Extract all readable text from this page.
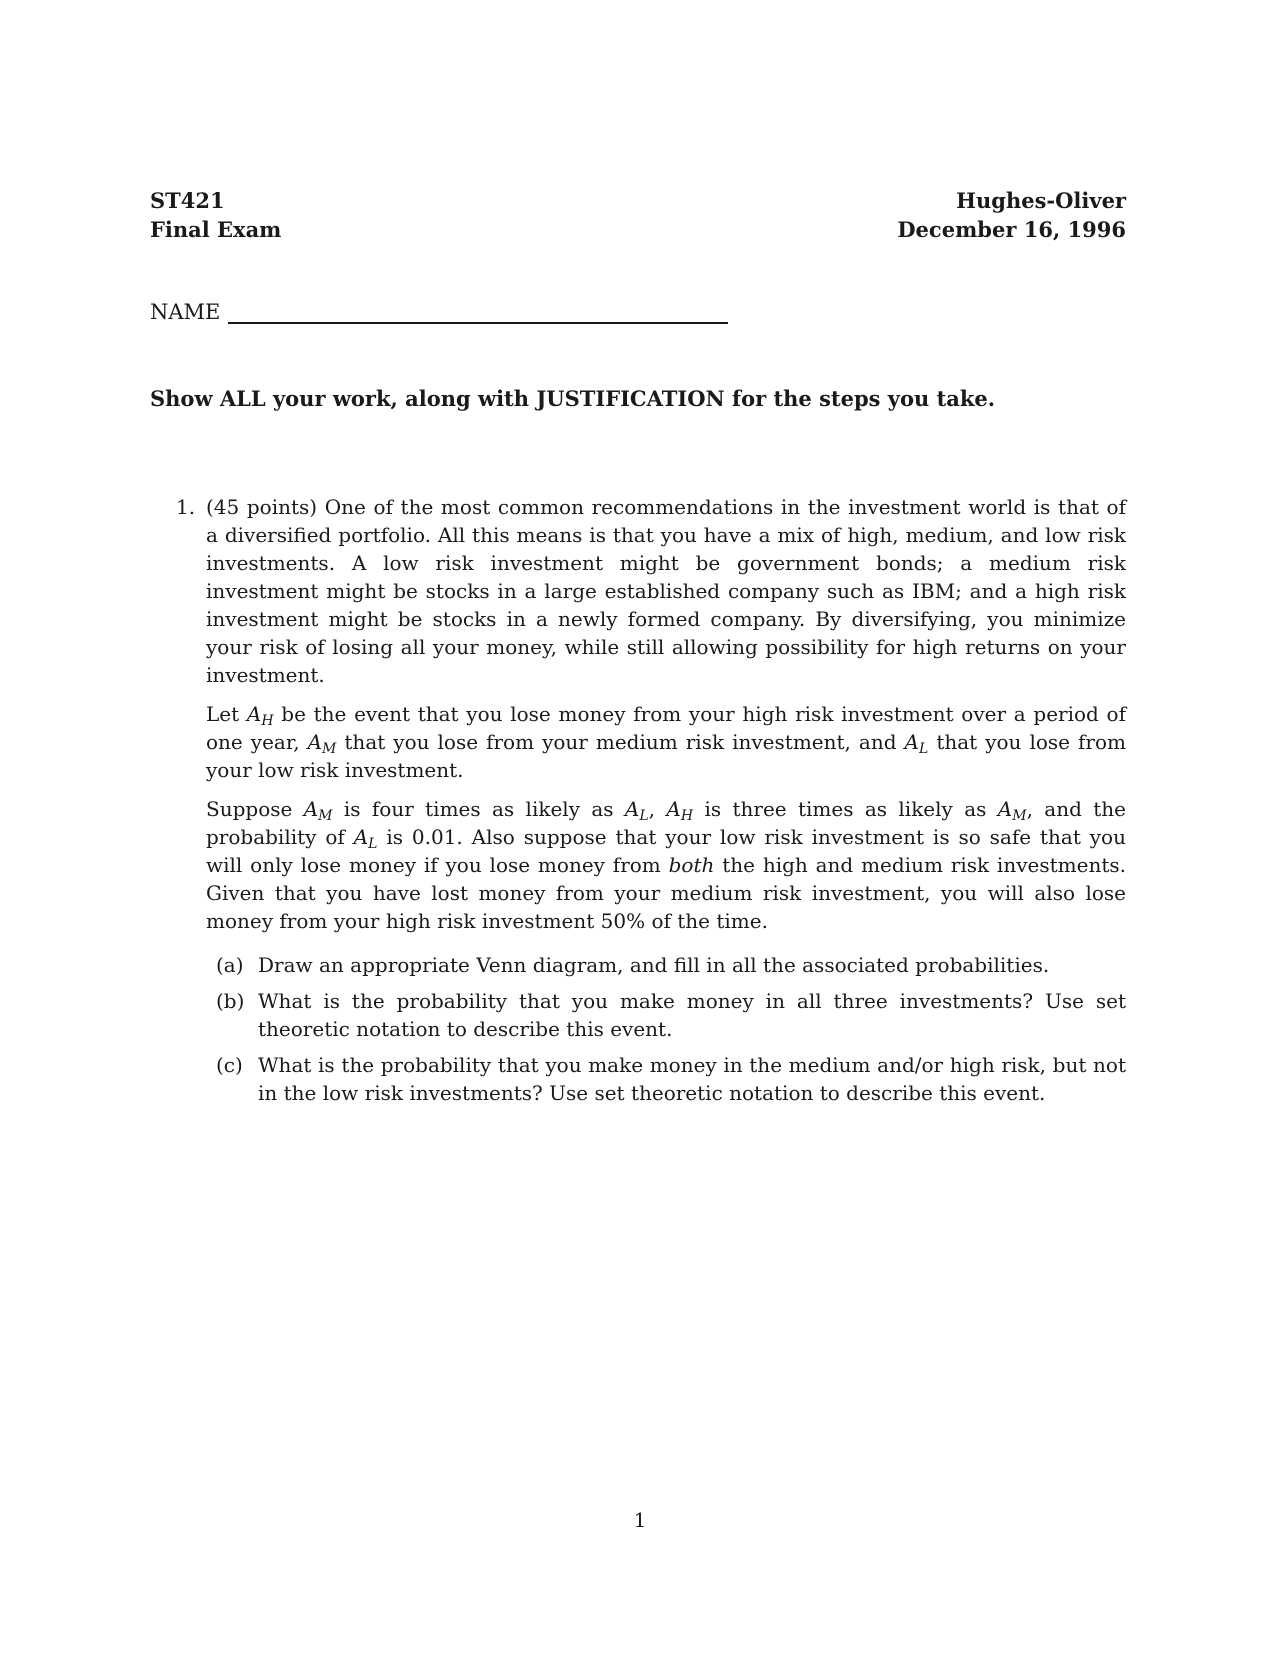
ST421
Final Exam
Hughes-Oliver
December 16, 1996
NAME
Show ALL your work, along with JUSTIFICATION for the steps you take.
1. (45 points) One of the most common recommendations in the investment world is that of a diversified portfolio. All this means is that you have a mix of high, medium, and low risk investments. A low risk investment might be government bonds; a medium risk investment might be stocks in a large established company such as IBM; and a high risk investment might be stocks in a newly formed company. By diversifying, you minimize your risk of losing all your money, while still allowing possibility for high returns on your investment.

Let $A_H$ be the event that you lose money from your high risk investment over a period of one year, $A_M$ that you lose from your medium risk investment, and $A_L$ that you lose from your low risk investment.

Suppose $A_M$ is four times as likely as $A_L$, $A_H$ is three times as likely as $A_M$, and the probability of $A_L$ is 0.01. Also suppose that your low risk investment is so safe that you will only lose money if you lose money from both the high and medium risk investments. Given that you have lost money from your medium risk investment, you will also lose money from your high risk investment 50% of the time.

(a) Draw an appropriate Venn diagram, and fill in all the associated probabilities.
(b) What is the probability that you make money in all three investments? Use set theoretic notation to describe this event.
(c) What is the probability that you make money in the medium and/or high risk, but not in the low risk investments? Use set theoretic notation to describe this event.
1
